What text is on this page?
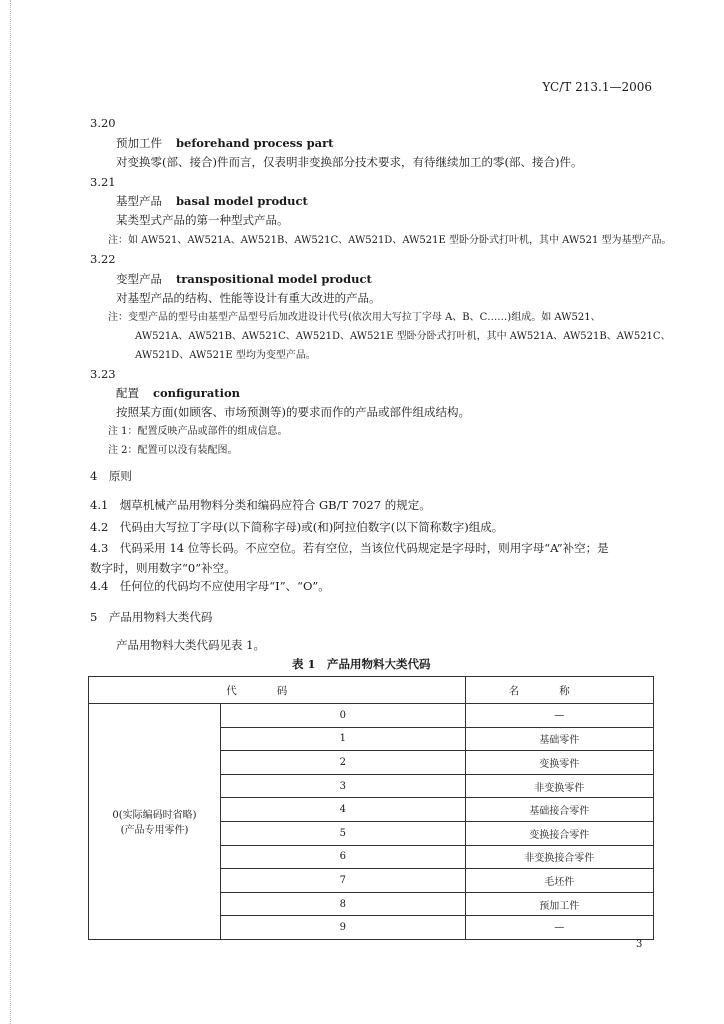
YC/T 213.1—2006
3.20
预加工件 beforehand process part
对变换零(部、接合)件而言，仅表明非变换部分技术要求，有待继续加工的零(部、接合)件。
3.21
基型产品 basal model product
某类型式产品的第一种型式产品。
注：如 AW521、AW521A、AW521B、AW521C、AW521D、AW521E 型卧分卧式打叶机，其中 AW521 型为基型产品。
3.22
变型产品 transpositional model product
对基型产品的结构、性能等设计有重大改进的产品。
注：变型产品的型号由基型产品型号后加改进设计代号(依次用大写拉丁字母 A、B、C……)组成。如 AW521、
AW521A、AW521B、AW521C、AW521D、AW521E 型卧分卧式打叶机，其中 AW521A、AW521B、AW521C、
AW521D、AW521E 型均为变型产品。
3.23
配置 configuration
按照某方面(如顾客、市场预测等)的要求而作的产品或部件组成结构。
注 1：配置反映产品或部件的组成信息。
注 2：配置可以没有装配图。
4　原则
4.1　烟草机械产品用物料分类和编码应符合 GB/T 7027 的规定。
4.2　代码由大写拉丁字母(以下简称字母)或(和)阿拉伯数字(以下简称数字)组成。
4.3　代码采用 14 位等长码。不应空位。若有空位，当该位代码规定是字母时，则用字母“A”补空；是
数字时，则用数字“0”补空。
4.4　任何位的代码均不应使用字母“I”、“O”。
5　产品用物料大类代码
产品用物料大类代码见表 1。
表 1　产品用物料大类代码
代码		名称

0(实际编码时省略)
(产品专用零件)	0	—
	1	基础零件
	2	变换零件
	3	非变换零件
	4	基础接合零件
	5	变换接合零件
	6	非变换接合零件
	7	毛坯件
	8	预加工件
	9	—
3
